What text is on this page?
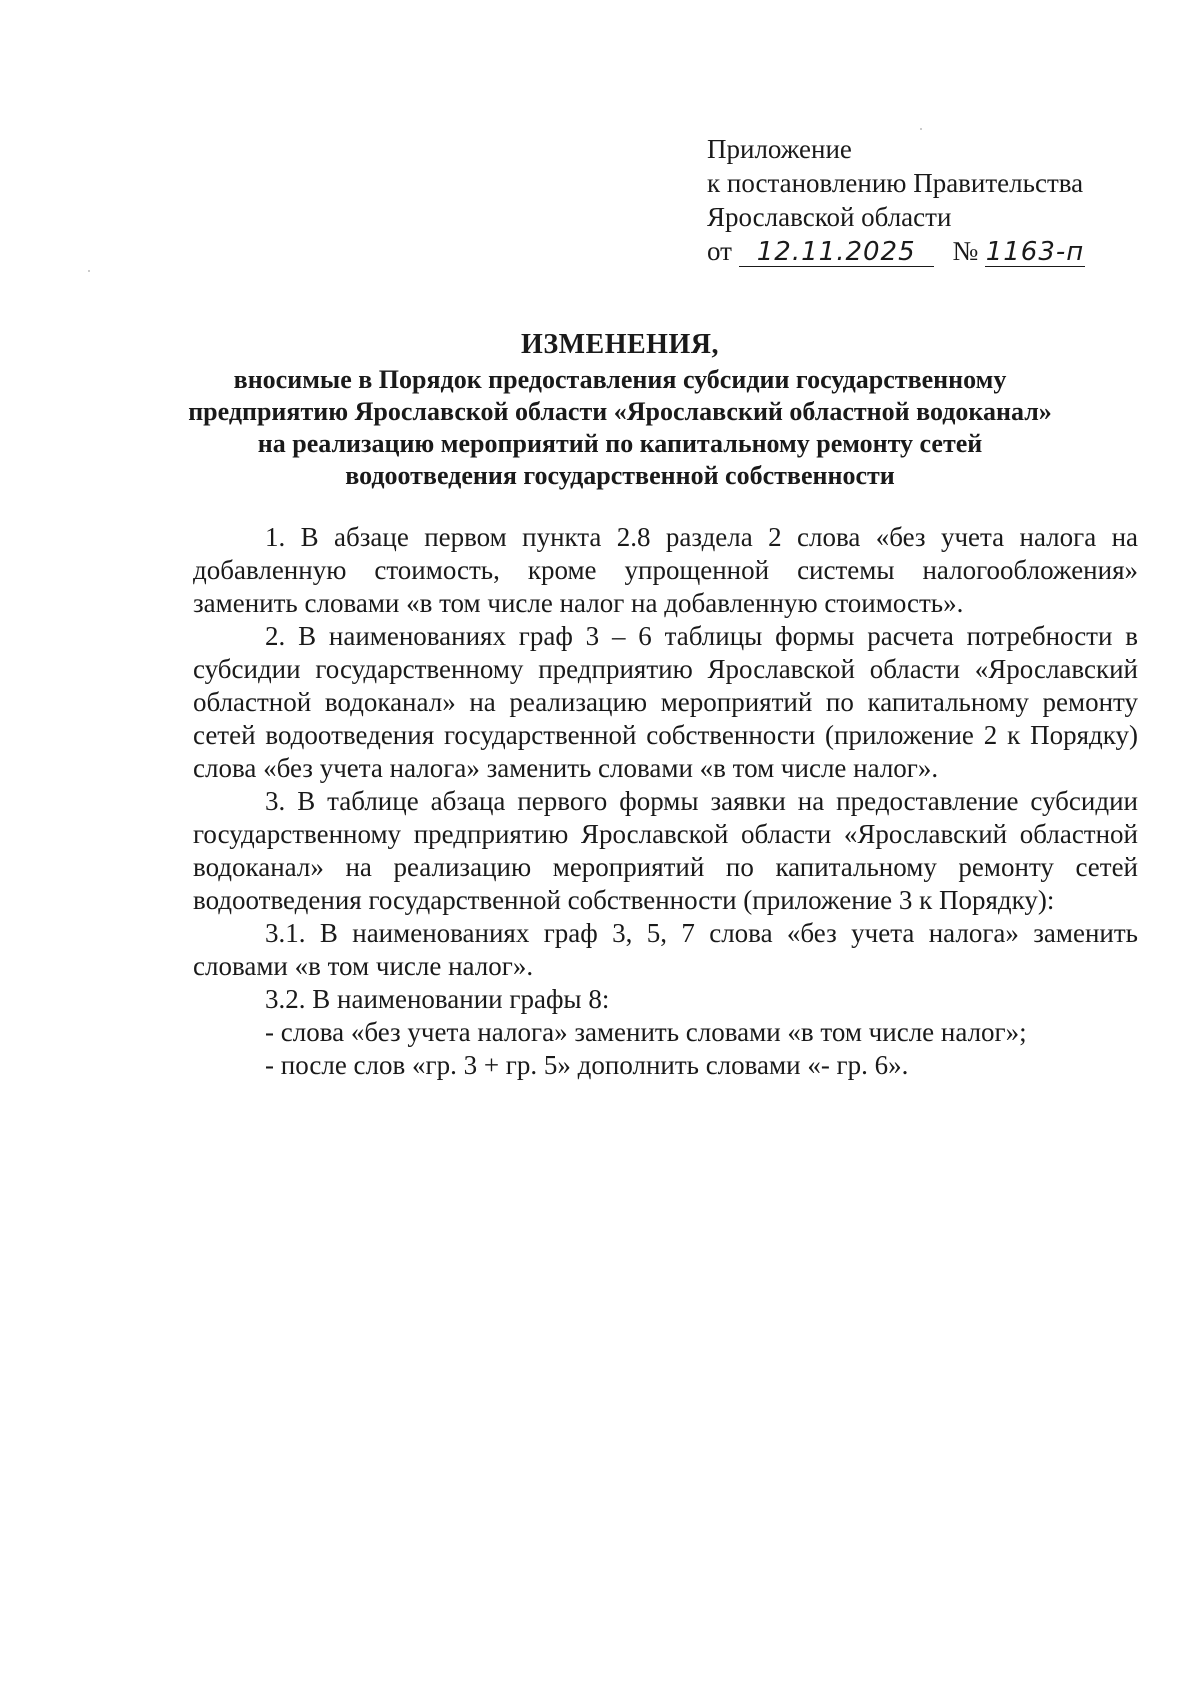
Приложение
к постановлению Правительства
Ярославской области
от 12.11.2025 № 1163-п
ИЗМЕНЕНИЯ,
вносимые в Порядок предоставления субсидии государственному
предприятию Ярославской области «Ярославский областной водоканал»
на реализацию мероприятий по капитальному ремонту сетей
водоотведения государственной собственности

1. В абзаце первом пункта 2.8 раздела 2 слова «без учета налога на добавленную стоимость, кроме упрощенной системы налогообложения» заменить словами «в том числе налог на добавленную стоимость».

2. В наименованиях граф 3 – 6 таблицы формы расчета потребности в субсидии государственному предприятию Ярославской области «Ярославский областной водоканал» на реализацию мероприятий по капитальному ремонту сетей водоотведения государственной собственности (приложение 2 к Порядку) слова «без учета налога» заменить словами «в том числе налог».

3. В таблице абзаца первого формы заявки на предоставление субсидии государственному предприятию Ярославской области «Ярославский областной водоканал» на реализацию мероприятий по капитальному ремонту сетей водоотведения государственной собственности (приложение 3 к Порядку):

3.1. В наименованиях граф 3, 5, 7 слова «без учета налога» заменить словами «в том числе налог».

3.2. В наименовании графы 8:

- слова «без учета налога» заменить словами «в том числе налог»;

- после слов «гр. 3 + гр. 5» дополнить словами «- гр. 6».
